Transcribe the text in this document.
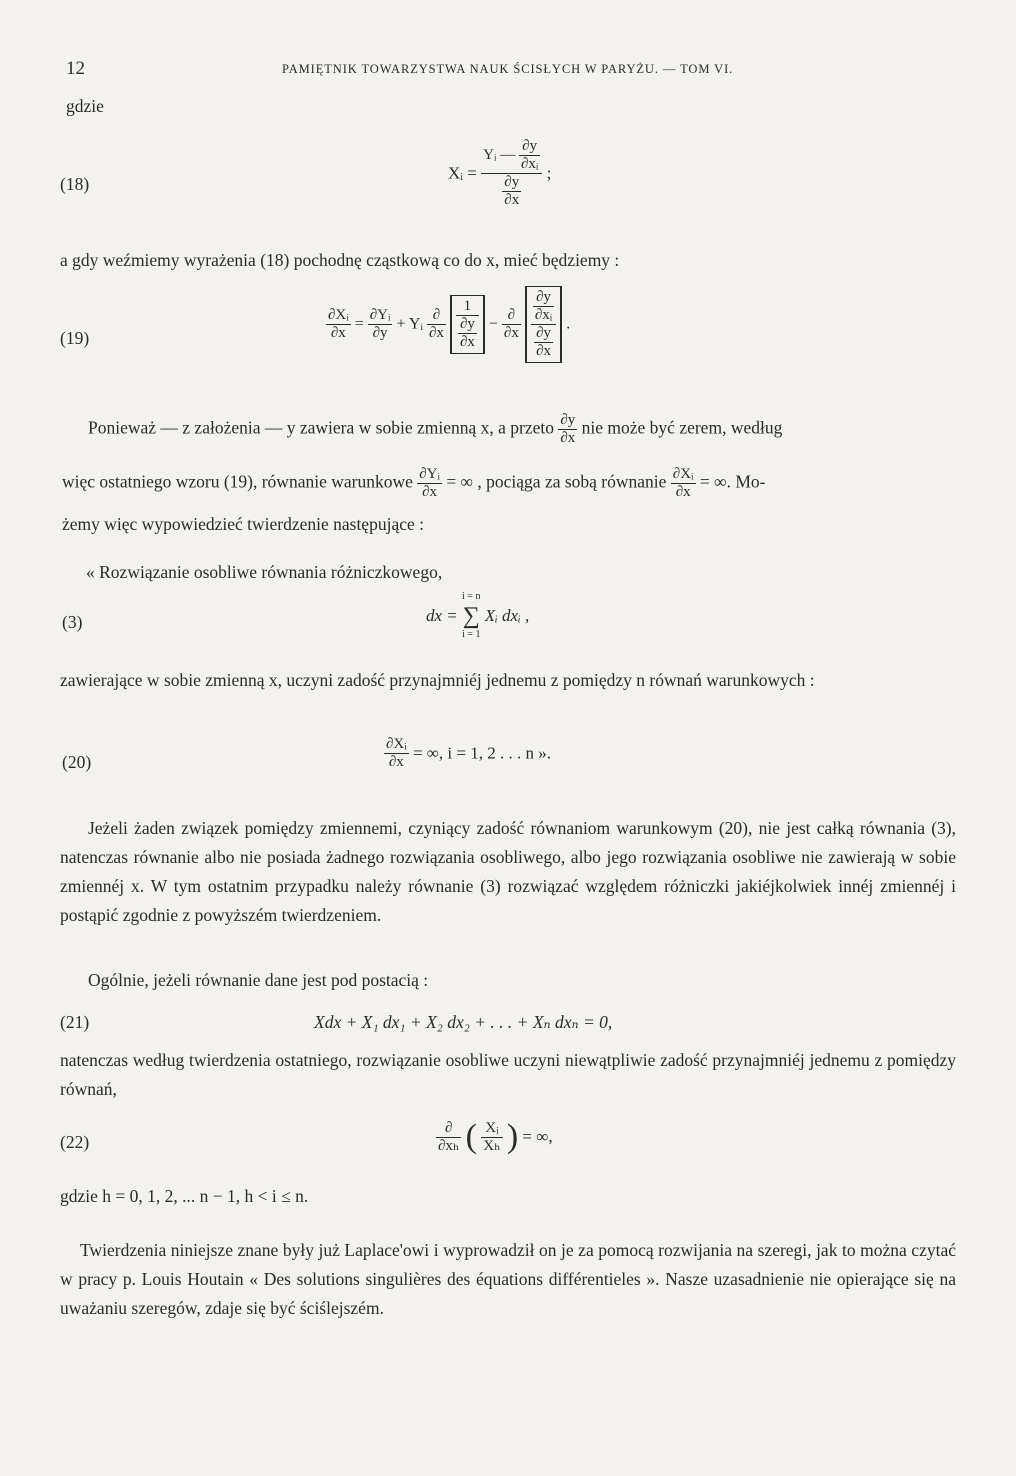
12	PAMIĘTNIK TOWARZYSTWA NAUK ŚCISŁYCH W PARYŻU. — TOM VI.
gdzie
(18)
Xᵢ = $\frac{Yᵢ — \frac{\partial y}{\text{∂xᵢ}}}{\frac{\partial y}{\partial x}}$ ;
a gdy weźmiemy wyrażenia (18) pochodnę cząstkową co do x, mieć będziemy :
(19)	$\frac{\text{∂Xᵢ}}{\partial x} = \frac{\text{∂Yᵢ}}{\partial y}$ + Yᵢ $\frac{\partial}{\partial x}$
$\frac{1}{\frac{\partial y}{\partial x}} - \frac{\partial}{\partial x}$
$\frac{\frac{\partial y}{\text{∂xᵢ}}}{\frac{\partial y}{\partial x}}$ .
Ponieważ — z założenia — y zawiera w sobie zmienną x, a przeto $\frac{\partial y}{\partial x}$ nie może być zerem, według
więc ostatniego wzoru (19), równanie warunkowe $\frac{\text{∂Yᵢ}}{\partial x}$ = ∞ , pociąga za sobą równanie $\frac{\text{∂Xᵢ}}{\partial x}$ = ∞. Mo-
żemy więc wypowiedzieć twierdzenie następujące :
« Rozwiązanie osobliwe równania różniczkowego,
(3)	dx =
i = n
∑
i = 1
Xᵢ dxᵢ ,
zawierające w sobie zmienną x, uczyni zadość przynajmniéj jednemu z pomiędzy n równań warunkowych :
(20)	$\frac{\text{∂Xᵢ}}{\partial x}$ = ∞, i = 1, 2 . . . n ».
Jeżeli żaden związek pomiędzy zmiennemi, czyniący zadość równaniom warunkowym (20), nie jest całką równania (3), natenczas równanie albo nie posiada żadnego rozwiązania osobliwego, albo jego rozwiązania osobliwe nie zawierają w sobie zmiennéj x. W tym ostatnim przypadku należy równanie (3) rozwiązać względem różniczki jakiéjkolwiek innéj zmiennéj i postąpić zgodnie z powyższém twierdzeniem.
Ogólnie, jeżeli równanie dane jest pod postacią :
(21)	Xdx + X₁ dx₁ + X₂ dx₂ + . . . + Xₙ dxₙ = 0,
natenczas według twierdzenia ostatniego, rozwiązanie osobliwe uczyni niewątpliwie zadość przynajmniéj jednemu z pomiędzy równań,
(22)	$\frac{\partial}{\text{∂xₕ}}$ ( $\frac{\text{Xᵢ}}{\text{Xₕ}}$ ) = ∞,
gdzie h = 0, 1, 2, ... n − 1, h < i ≤ n.
Twierdzenia niniejsze znane były już Laplace'owi i wyprowadził on je za pomocą rozwijania na szeregi, jak to można czytać w pracy p. Louis Houtain « Des solutions singulières des équations différentieles ». Nasze uzasadnienie nie opierające się na uważaniu szeregów, zdaje się być ściślejszém.
